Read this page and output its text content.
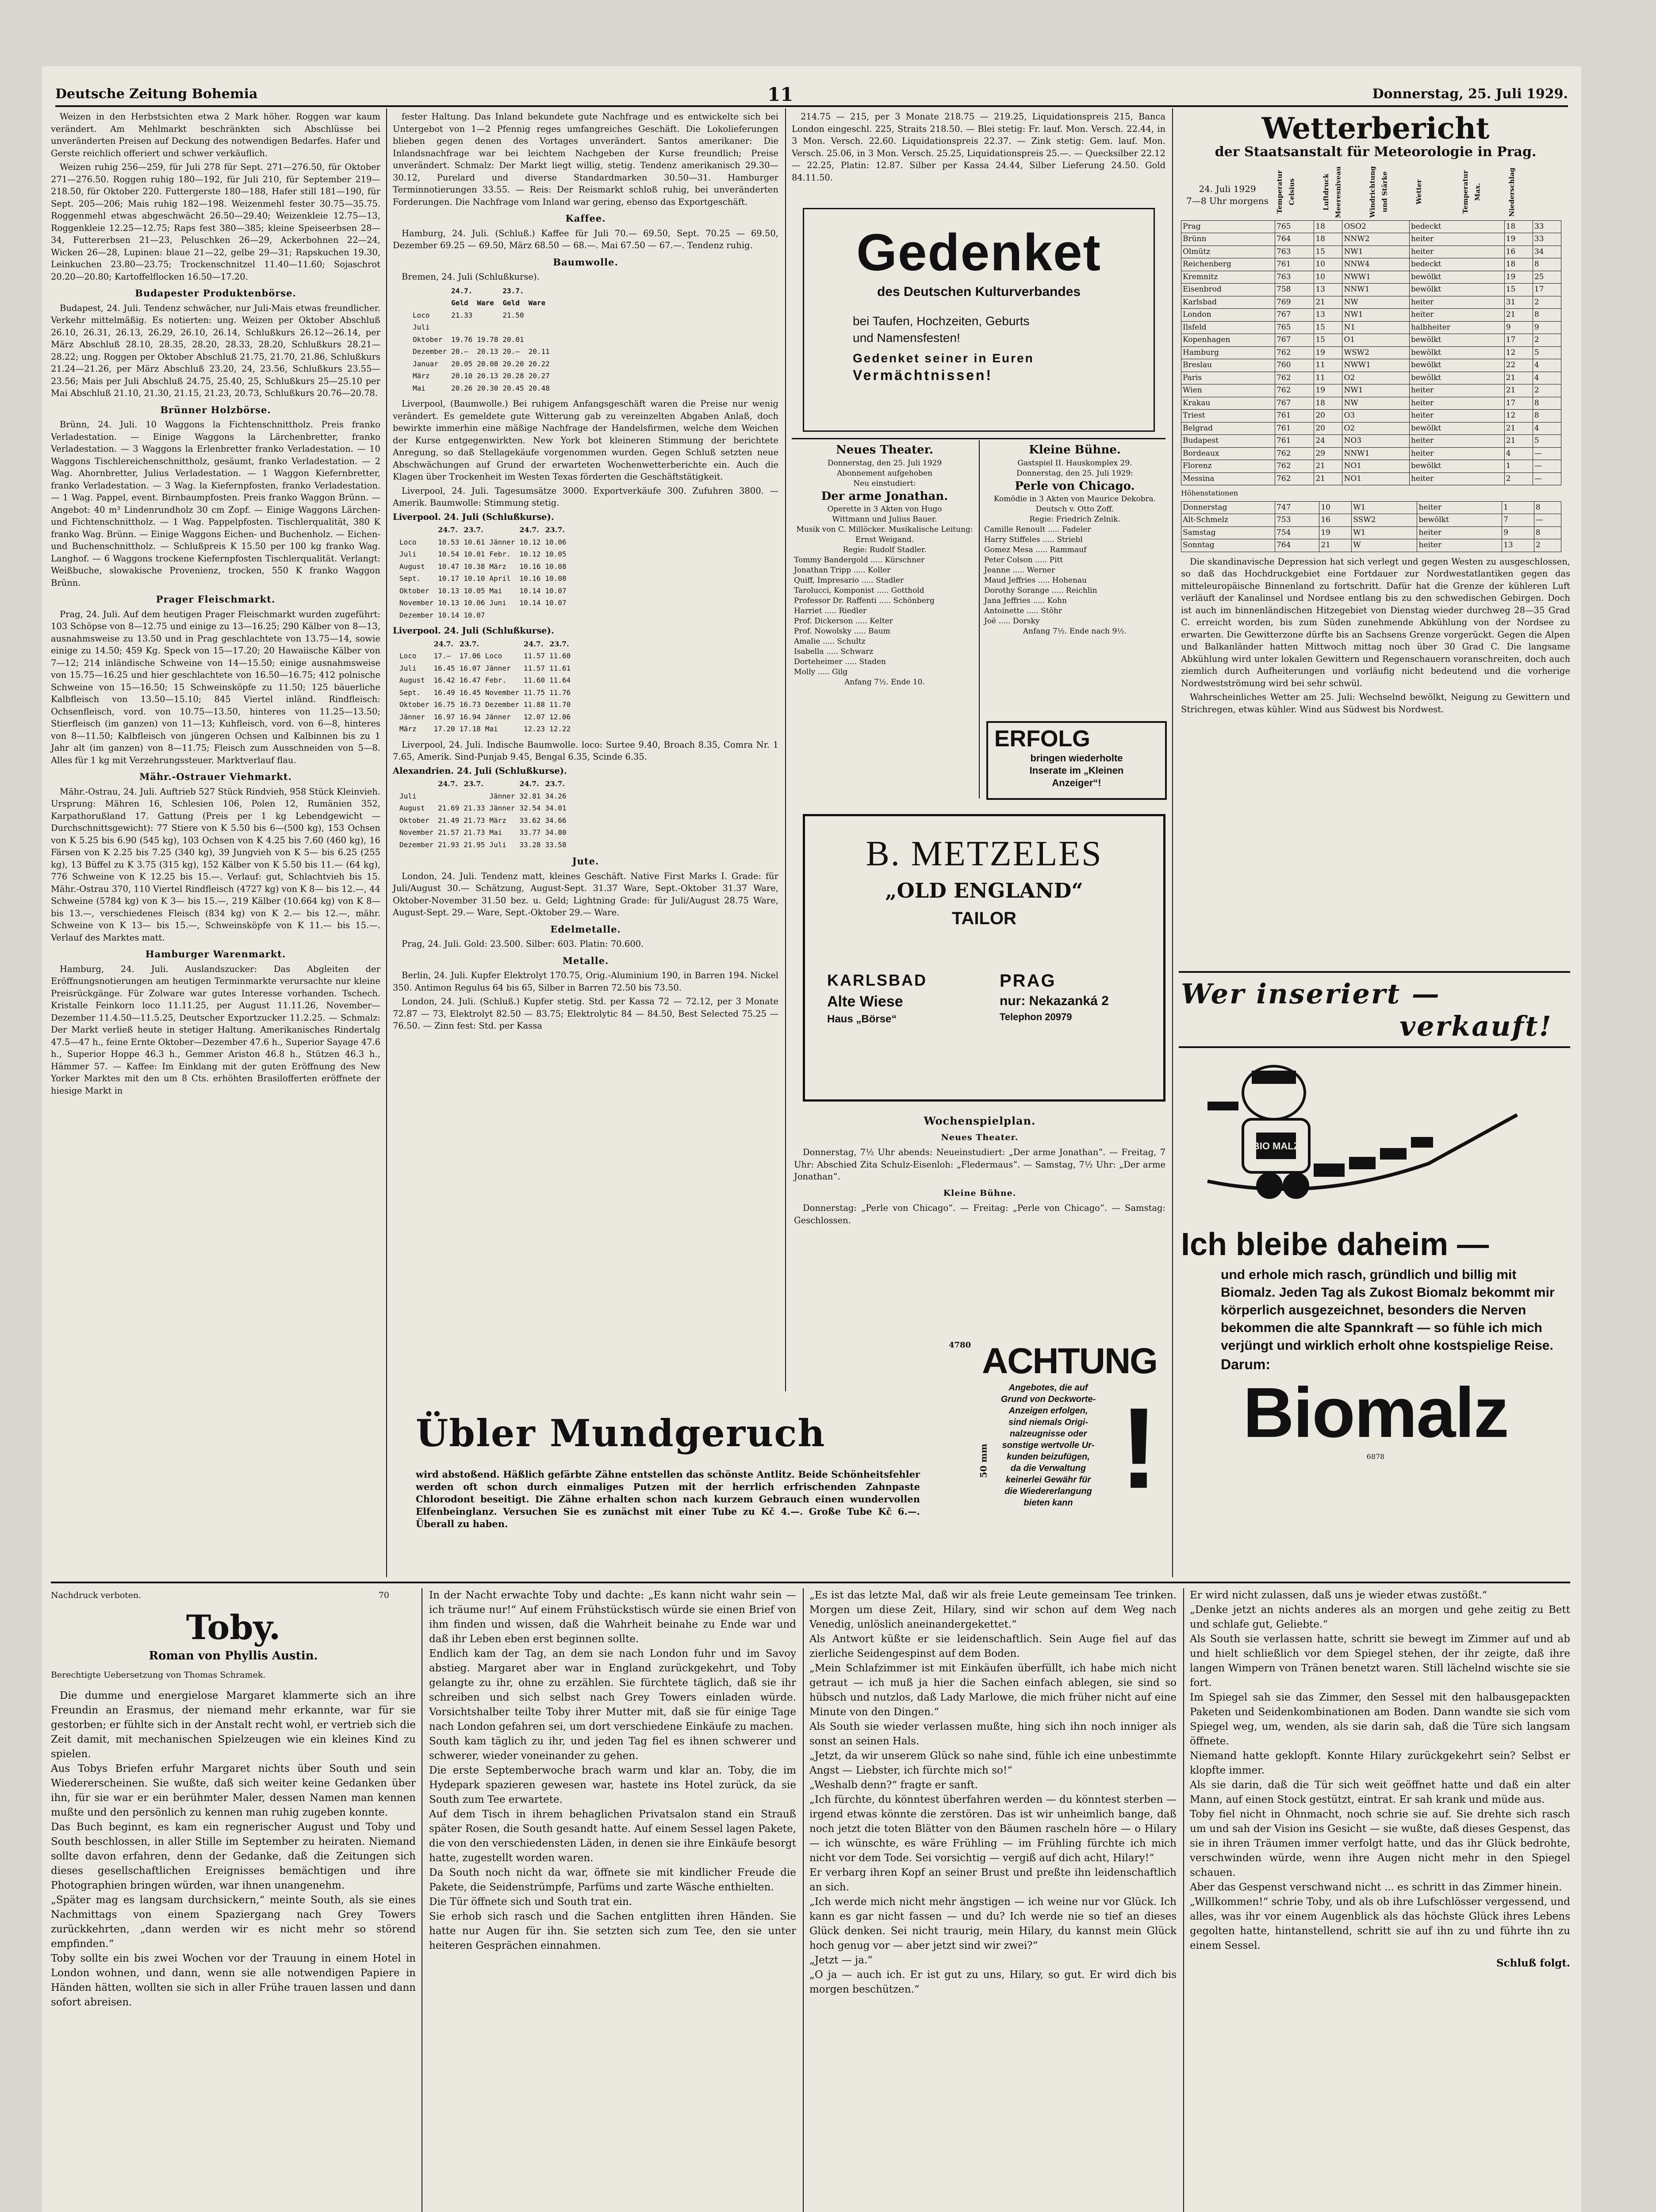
Deutsche Zeitung Bohemia	11	Donnerstag, 25. Juli 1929.

Weizen in den Herbstsichten etwa 2 Mark höher. Roggen war kaum verändert. Am Mehlmarkt beschränkten sich Abschlüsse bei unveränderten Preisen auf Deckung des notwendigen Bedarfes. Hafer und Gerste reichlich offeriert und schwer verkäuflich.

Weizen ruhig 256—259, für Juli 278 für Sept. 271—276.50, für Oktober 271—276.50. Roggen ruhig 180—192, für Juli 210, für September 219—218.50, für Oktober 220. Futtergerste 180—188, Hafer still 181—190, für Sept. 205—206; Mais ruhig 182—198. Weizenmehl fester 30.75—35.75. Roggenmehl etwas abgeschwächt 26.50—29.40; Weizenkleie 12.75—13, Roggenkleie 12.25—12.75; Raps fest 380—385; kleine Speiseerbsen 28—34, Futtererbsen 21—23, Peluschken 26—29, Ackerbohnen 22—24, Wicken 26—28, Lupinen: blaue 21—22, gelbe 29—31; Rapskuchen 19.30, Leinkuchen 23.80—23.75; Trockenschnitzel 11.40—11.60; Sojaschrot 20.20—20.80; Kartoffelflocken 16.50—17.20.

Budapester Produktenbörse.

Budapest, 24. Juli. Tendenz schwächer, nur Juli-Mais etwas freundlicher. Verkehr mittelmäßig. Es notierten: ung. Weizen per Oktober Abschluß 26.10, 26.31, 26.13, 26.29, 26.10, 26.14, Schlußkurs 26.12—26.14, per März Abschluß 28.10, 28.35, 28.20, 28.33, 28.20, Schlußkurs 28.21—28.22; ung. Roggen per Oktober Abschluß 21.75, 21.70, 21.86, Schlußkurs 21.24—21.26, per März Abschluß 23.20, 24, 23.56, Schlußkurs 23.55—23.56; Mais per Juli Abschluß 24.75, 25.40, 25, Schlußkurs 25—25.10 per Mai Abschluß 21.10, 21.30, 21.15, 21.23, 20.73, Schlußkurs 20.76—20.78.

Brünner Holzbörse.

Brünn, 24. Juli. 10 Waggons la Fichtenschnittholz. Preis franko Verladestation. — Einige Waggons la Lärchenbretter, franko Verladestation. — 3 Waggons la Erlenbretter franko Verladestation. — 10 Waggons Tischlereichenschnittholz, gesäumt, franko Verladestation. — 2 Wag. Ahornbretter, Julius Verladestation. — 1 Waggon Kiefernbretter, franko Verladestation. — 3 Wag. la Kiefernpfosten, franko Verladestation. — 1 Wag. Pappel, event. Birnbaumpfosten. Preis franko Waggon Brünn. — Angebot: 40 m³ Lindenrundholz 30 cm Zopf. — Einige Waggons Lärchen- und Fichtenschnittholz. — 1 Wag. Pappelpfosten. Tischlerqualität, 380 K franko Wag. Brünn. — Einige Waggons Eichen- und Buchenholz. — Eichen- und Buchenschnittholz. — Schlußpreis K 15.50 per 100 kg franko Wag. Langhof. — 6 Waggons trockene Kiefernpfosten Tischlerqualität. Verlangt: Weißbuche, slowakische Provenienz, trocken, 550 K franko Waggon Brünn.

Prager Fleischmarkt.

Prag, 24. Juli. Auf dem heutigen Prager Fleischmarkt wurden zugeführt: 103 Schöpse von 8—12.75 und einige zu 13—16.25; 290 Kälber von 8—13, ausnahmsweise zu 13.50 und in Prag geschlachtete von 13.75—14, sowie einige zu 14.50; 459 Kg. Speck von 15—17.20; 20 Hawaiische Kälber von 7—12; 214 inländische Schweine von 14—15.50; einige ausnahmsweise von 15.75—16.25 und hier geschlachtete von 16.50—16.75; 412 polnische Schweine von 15—16.50; 15 Schweinsköpfe zu 11.50; 125 bäuerliche Kalbfleisch von 13.50—15.10; 845 Viertel inländ. Rindfleisch: Ochsenfleisch, vord. von 10.75—13.50, hinteres von 11.25—13.50; Stierfleisch (im ganzen) von 11—13; Kuhfleisch, vord. von 6—8, hinteres von 8—11.50; Kalbfleisch von jüngeren Ochsen und Kalbinnen bis zu 1 Jahr alt (im ganzen) von 8—11.75; Fleisch zum Ausschneiden von 5—8. Alles für 1 kg mit Verzehrungssteuer. Marktverlauf flau.

Mähr.-Ostrauer Viehmarkt.

Mähr.-Ostrau, 24. Juli. Auftrieb 527 Stück Rindvieh, 958 Stück Kleinvieh. Ursprung: Mähren 16, Schlesien 106, Polen 12, Rumänien 352, Karpathorußland 17. Gattung (Preis per 1 kg Lebendgewicht — Durchschnittsgewicht): 77 Stiere von K 5.50 bis 6—(500 kg), 153 Ochsen von K 5.25 bis 6.90 (545 kg), 103 Ochsen von K 4.25 bis 7.60 (460 kg), 16 Färsen von K 2.25 bis 7.25 (340 kg), 39 Jungvieh von K 5— bis 6.25 (255 kg), 13 Büffel zu K 3.75 (315 kg), 152 Kälber von K 5.50 bis 11.— (64 kg), 776 Schweine von K 12.25 bis 15.—. Verlauf: gut, Schlachtvieh bis 15. Mähr.-Ostrau 370, 110 Viertel Rindfleisch (4727 kg) von K 8— bis 12.—, 44 Schweine (5784 kg) von K 3— bis 15.—, 219 Kälber (10.664 kg) von K 8— bis 13.—, verschiedenes Fleisch (834 kg) von K 2.— bis 12.—, mähr. Schweine von K 13— bis 15.—, Schweinsköpfe von K 11.— bis 15.—. Verlauf des Marktes matt.

Hamburger Warenmarkt.

Hamburg, 24. Juli. Auslandszucker: Das Abgleiten der Eröffnungsnotierungen am heutigen Terminmarkte verursachte nur kleine Preisrückgänge. Für Zolware war gutes Interesse vorhanden. Tschech. Kristalle Feinkorn loco 11.11.25, per August 11.11.26, November—Dezember 11.4.50—11.5.25, Deutscher Exportzucker 11.2.25. — Schmalz: Der Markt verließ heute in stetiger Haltung. Amerikanisches Rindertalg 47.5—47 h., feine Ernte Oktober—Dezember 47.6 h., Superior Sayage 47.6 h., Superior Hoppe 46.3 h., Gemmer Ariston 46.8 h., Stützen 46.3 h., Hämmer 57. — Kaffee: Im Einklang mit der guten Eröffnung des New Yorker Marktes mit den um 8 Cts. erhöhten Brasilofferten eröffnete der hiesige Markt in

fester Haltung. Das Inland bekundete gute Nachfrage und es entwickelte sich bei Untergebot von 1—2 Pfennig reges umfangreiches Geschäft. Die Lokolieferungen blieben gegen denen des Vortages unverändert. Santos amerikaner: Die Inlandsnachfrage war bei leichtem Nachgeben der Kurse freundlich; Preise unverändert. Schmalz: Der Markt liegt willig, stetig. Tendenz amerikanisch 29.30—30.12, Purelard und diverse Standardmarken 30.50—31. Hamburger Terminnotierungen 33.55. — Reis: Der Reismarkt schloß ruhig, bei unveränderten Forderungen. Die Nachfrage vom Inland war gering, ebenso das Exportgeschäft.

Kaffee.

Hamburg, 24. Juli. (Schluß.) Kaffee für Juli 70.— 69.50, Sept. 70.25 — 69.50, Dezember 69.25 — 69.50, März 68.50 — 68.—. Mai 67.50 — 67.—. Tendenz ruhig.

Baumwolle.

Bremen, 24. Juli (Schlußkurse).

	24.7.		23.7.	
	Geld	Ware	Geld	Ware
Loco	21.33		21.50	
Juli				
Oktober	19.76	19.78	20.01	
Dezember	20.—	20.13	20.—	20.11
Januar	20.05	20.08	20.20	20.22
März	20.10	20.13	20.28	20.27
Mai	20.26	20.30	20.45	20.48

Liverpool, (Baumwolle.) Bei ruhigem Anfangsgeschäft waren die Preise nur wenig verändert. Es gemeldete gute Witterung gab zu vereinzelten Abgaben Anlaß, doch bewirkte immerhin eine mäßige Nachfrage der Handelsfirmen, welche dem Weichen der Kurse entgegenwirkten. New York bot kleineren Stimmung der berichtete Anregung, so daß Stellagekäufe vorgenommen wurden. Gegen Schluß setzten neue Abschwächungen auf Grund der erwarteten Wochenwetterberichte ein. Auch die Klagen über Trockenheit im Westen Texas förderten die Geschäftstätigkeit.

Liverpool, 24. Juli. Tagesumsätze 3000. Exportverkäufe 300. Zufuhren 3800. — Amerik. Baumwolle: Stimmung stetig.

Liverpool. 24. Juli (Schlußkurse).
	24.7.	23.7.		24.7.	23.7.
Loco	10.53	10.61	Jänner	10.12	10.06
Juli	10.54	10.01	Febr.	10.12	10.05
August	10.47	10.38	März	10.16	10.08
Sept.	10.17	10.10	April	10.16	10.08
Oktober	10.13	10.05	Mai	10.14	10.07
November	10.13	10.06	Juni	10.14	10.07
Dezember	10.14	10.07			
Liverpool. 24. Juli (Schlußkurse).
	24.7.	23.7.		24.7.	23.7.
Loco	17.—	17.06	Loco	11.57	11.60
Juli	16.45	16.07	Jänner	11.57	11.61
August	16.42	16.47	Febr.	11.60	11.64
Sept.	16.49	16.45	November	11.75	11.76
Oktober	16.75	16.73	Dezember	11.88	11.70
Jänner	16.97	16.94	Jänner	12.07	12.06
März	17.20	17.18	Mai	12.23	12.22

Liverpool, 24. Juli. Indische Baumwolle. loco: Surtee 9.40, Broach 8.35, Comra Nr. 1 7.65, Amerik. Sind-Punjab 9.45, Bengal 6.35, Scinde 6.35.

Alexandrien. 24. Juli (Schlußkurse).
	24.7.	23.7.		24.7.	23.7.
Juli			Jänner	32.81	34.26
August	21.69	21.33	Jänner	32.54	34.01
Oktober	21.49	21.73	März	33.62	34.66
November	21.57	21.73	Mai	33.77	34.80
Dezember	21.93	21.95	Juli	33.28	33.58
Jute.

London, 24. Juli. Tendenz matt, kleines Geschäft. Native First Marks I. Grade: für Juli/August 30.— Schätzung, August-Sept. 31.37 Ware, Sept.-Oktober 31.37 Ware, Oktober-November 31.50 bez. u. Geld; Lightning Grade: für Juli/August 28.75 Ware, August-Sept. 29.— Ware, Sept.-Oktober 29.— Ware.

Edelmetalle.

Prag, 24. Juli. Gold: 23.500. Silber: 603. Platin: 70.600.

Metalle.

Berlin, 24. Juli. Kupfer Elektrolyt 170.75, Orig.-Aluminium 190, in Barren 194. Nickel 350. Antimon Regulus 64 bis 65, Silber in Barren 72.50 bis 73.50.

London, 24. Juli. (Schluß.) Kupfer stetig. Std. per Kassa 72 — 72.12, per 3 Monate 72.87 — 73, Elektrolyt 82.50 — 83.75; Elektrolytic 84 — 84.50, Best Selected 75.25 — 76.50. — Zinn fest: Std. per Kassa

214.75 — 215, per 3 Monate 218.75 — 219.25, Liquidationspreis 215, Banca London eingeschl. 225, Straits 218.50. — Blei stetig: Fr. lauf. Mon. Versch. 22.44, in 3 Mon. Versch. 22.60. Liquidationspreis 22.37. — Zink stetig: Gem. lauf. Mon. Versch. 25.06, in 3 Mon. Versch. 25.25, Liquidationspreis 25.—. — Quecksilber 22.12 — 22.25, Platin: 12.87. Silber per Kassa 24.44, Silber Lieferung 24.50. Gold 84.11.50.

Gedenket
des Deutschen Kulturverbandes
bei Taufen, Hochzeiten, Geburts
und Namensfesten!
Gedenket seiner in Euren
Vermächtnissen!
Neues Theater.
Donnerstag, den 25. Juli 1929
Abonnement aufgehoben
Neu einstudiert:
Der arme Jonathan.
Operette in 3 Akten von Hugo
Wittmann und Julius Bauer.
Musik von C. Millöcker. Musikalische Leitung: Ernst Weigand.
Regie: Rudolf Stadler.
Tommy Bandergold ..... Kürschner
Jonathan Tripp ..... Koller
Quiff, Impresario ..... Stadler
Tarolucci, Komponist ..... Gotthold
Professor Dr. Raffenti ..... Schönberg
Harriet ..... Riedler
Prof. Dickerson ..... Kelter
Prof. Nowolsky ..... Baum
Amalie ..... Schultz
Isabella ..... Schwarz
Dorteheimer ..... Staden
Molly ..... Gilg
Anfang 7½. Ende 10.
Kleine Bühne.
Gastspiel II. Hauskomplex 29.
Donnerstag, den 25. Juli 1929:
Perle von Chicago.
Komödie in 3 Akten von Maurice Dekobra. Deutsch v. Otto Zoff.
Regie: Friedrich Zelnik.
Camille Renoult ..... Fadeler
Harry Stiffeles ..... Striebl
Gomez Mesa ..... Rammauf
Peter Colson ..... Pitt
Jeanne ..... Werner
Maud Jeffries ..... Hohenau
Dorothy Sorange ..... Reichlin
Jana Jeffries ..... Kohn
Antoinette ..... Stöhr
Joë ..... Dorsky
Anfang 7½. Ende nach 9½.
ERFOLG
bringen wiederholte
Inserate im „Kleinen
Anzeiger“!
B. METZELES
„OLD ENGLAND“
TAILOR
KARLSBAD
Alte Wiese
Haus „Börse“
PRAG
nur: Nekazanká 2
Telephon 20979
Wochenspielplan.
Neues Theater.

Donnerstag, 7½ Uhr abends: Neueinstudiert: „Der arme Jonathan“. — Freitag, 7 Uhr: Abschied Zita Schulz-Eisenloh: „Fledermaus“. — Samstag, 7½ Uhr: „Der arme Jonathan“.

Kleine Bühne.

Donnerstag: „Perle von Chicago“. — Freitag: „Perle von Chicago“. — Samstag: Geschlossen.

4780 ACHTUNG
Angebotes, die auf
Grund von Deckworte-
Anzeigen erfolgen,
sind niemals Origi-
nalzeugnisse oder
sonstige wertvolle Ur-
kunden beizufügen,
da die Verwaltung
keinerlei Gewähr für
die Wiedererlangung
bieten kann !
50 mm
Übler Mundgeruch
wird abstoßend. Häßlich gefärbte Zähne entstellen das schönste Antlitz. Beide Schönheitsfehler werden oft schon durch einmaliges Putzen mit der herrlich erfrischenden Zahnpaste Chlorodont beseitigt. Die Zähne erhalten schon nach kurzem Gebrauch einen wundervollen Elfenbeinglanz. Versuchen Sie es zunächst mit einer Tube zu Kč 4.—. Große Tube Kč 6.—. Überall zu haben.
Wetterbericht
der Staatsanstalt für Meteorologie in Prag.
24. Juli 1929
7—8 Uhr morgens	Temperatur Celsius	Luftdruck Meeresniveau	Windrichtung und Stärke	Wetter	Temperatur Max.	Niederschlag
Prag	765	18	OSO2	bedeckt	18	33
Brünn	764	18	NNW2	heiter	19	33
Olmütz	763	15	NW1	heiter	16	34
Reichenberg	761	10	NNW4	bedeckt	18	8
Kremnitz	763	10	NWW1	bewölkt	19	25
Eisenbrod	758	13	NNW1	bewölkt	15	17
Karlsbad	769	21	NW	heiter	31	2
London	767	13	NW1	heiter	21	8
Ilsfeld	765	15	N1	halbheiter	9	9
Kopenhagen	767	15	O1	bewölkt	17	2
Hamburg	762	19	WSW2	bewölkt	12	5
Breslau	760	11	NWW1	bewölkt	22	4
Paris	762	11	O2	bewölkt	21	4
Wien	762	19	NW1	heiter	21	2
Krakau	767	18	NW	heiter	17	8
Triest	761	20	O3	heiter	12	8
Belgrad	761	20	O2	bewölkt	21	4
Budapest	761	24	NO3	heiter	21	5
Bordeaux	762	29	NNW1	heiter	4	—
Florenz	762	21	NO1	bewölkt	1	—
Messina	762	21	NO1	heiter	2	—
Höhenstationen
Donnerstag	747	10	W1	heiter	1	8
Alt-Schmelz	753	16	SSW2	bewölkt	7	—
Samstag	754	19	W1	heiter	9	8
Sonntag	764	21	W	heiter	13	2

Die skandinavische Depression hat sich verlegt und gegen Westen zu ausgeschlossen, so daß das Hochdruckgebiet eine Fortdauer zur Nordwestatlantiken gegen das mitteleuropäische Binnenland zu fortschritt. Dafür hat die Grenze der kühleren Luft verläuft der Kanalinsel und Nordsee entlang bis zu den schwedischen Gebirgen. Doch ist auch im binnenländischen Hitzegebiet von Dienstag wieder durchweg 28—35 Grad C. erreicht worden, bis zum Süden zunehmende Abkühlung von der Nordsee zu erwarten. Die Gewitterzone dürfte bis an Sachsens Grenze vorgerückt. Gegen die Alpen und Balkanländer hatten Mittwoch mittag noch über 30 Grad C. Die langsame Abkühlung wird unter lokalen Gewittern und Regenschauern voranschreiten, doch auch ziemlich durch Aufheiterungen und vorläufig nicht bedeutend und die vorherige Nordwestströmung wird bei sehr schwül.

Wahrscheinliches Wetter am 25. Juli: Wechselnd bewölkt, Neigung zu Gewittern und Strichregen, etwas kühler. Wind aus Südwest bis Nordwest.

Wer inseriert —
verkauft!
BIO MALZ
Ich bleibe daheim —
und erhole mich rasch, gründlich und billig mit Biomalz. Jeden Tag als Zukost Biomalz bekommt mir körperlich ausgezeichnet, besonders die Nerven bekommen die alte Spannkraft — so fühle ich mich verjüngt und wirklich erholt ohne kostspielige Reise.
Darum:
Biomalz
6878
Nachdruck verboten.	70
Toby.
Roman von Phyllis Austin.
Berechtigte Uebersetzung von Thomas Schramek.
Die dumme und energielose Margaret klammerte sich an ihre Freundin an Erasmus, der niemand mehr erkannte, war für sie gestorben; er fühlte sich in der Anstalt recht wohl, er vertrieb sich die Zeit damit, mit mechanischen Spielzeugen wie ein kleines Kind zu spielen.
Aus Tobys Briefen erfuhr Margaret nichts über South und sein Wiedererscheinen. Sie wußte, daß sich weiter keine Gedanken über ihn, für sie war er ein berühmter Maler, dessen Namen man kennen mußte und den persönlich zu kennen man ruhig zugeben konnte.
Das Buch beginnt, es kam ein regnerischer August und Toby und South beschlossen, in aller Stille im September zu heiraten. Niemand sollte davon erfahren, denn der Gedanke, daß die Zeitungen sich dieses gesellschaftlichen Ereignisses bemächtigen und ihre Photographien bringen würden, war ihnen unangenehm.
„Später mag es langsam durchsickern,“ meinte South, als sie eines Nachmittags von einem Spaziergang nach Grey Towers zurückkehrten, „dann werden wir es nicht mehr so störend empfinden.“
Toby sollte ein bis zwei Wochen vor der Trauung in einem Hotel in London wohnen, und dann, wenn sie alle notwendigen Papiere in Händen hätten, wollten sie sich in aller Frühe trauen lassen und dann sofort abreisen.
In der Nacht erwachte Toby und dachte: „Es kann nicht wahr sein — ich träume nur!“ Auf einem Frühstückstisch würde sie einen Brief von ihm finden und wissen, daß die Wahrheit beinahe zu Ende war und daß ihr Leben eben erst beginnen sollte.
Endlich kam der Tag, an dem sie nach London fuhr und im Savoy abstieg. Margaret aber war in England zurückgekehrt, und Toby gelangte zu ihr, ohne zu erzählen. Sie fürchtete täglich, daß sie ihr schreiben und sich selbst nach Grey Towers einladen würde. Vorsichtshalber teilte Toby ihrer Mutter mit, daß sie für einige Tage nach London gefahren sei, um dort verschiedene Einkäufe zu machen.
South kam täglich zu ihr, und jeden Tag fiel es ihnen schwerer und schwerer, wieder voneinander zu gehen.
Die erste Septemberwoche brach warm und klar an. Toby, die im Hydepark spazieren gewesen war, hastete ins Hotel zurück, da sie South zum Tee erwartete.
Auf dem Tisch in ihrem behaglichen Privatsalon stand ein Strauß später Rosen, die South gesandt hatte. Auf einem Sessel lagen Pakete, die von den verschiedensten Läden, in denen sie ihre Einkäufe besorgt hatte, zugestellt worden waren.
Da South noch nicht da war, öffnete sie mit kindlicher Freude die Pakete, die Seidenstrümpfe, Parfüms und zarte Wäsche enthielten.
Die Tür öffnete sich und South trat ein.
Sie erhob sich rasch und die Sachen entglitten ihren Händen. Sie hatte nur Augen für ihn. Sie setzten sich zum Tee, den sie unter heiteren Gesprächen einnahmen.
„Es ist das letzte Mal, daß wir als freie Leute gemeinsam Tee trinken. Morgen um diese Zeit, Hilary, sind wir schon auf dem Weg nach Venedig, unlöslich aneinandergekettet.“
Als Antwort küßte er sie leidenschaftlich. Sein Auge fiel auf das zierliche Seidengespinst auf dem Boden.
„Mein Schlafzimmer ist mit Einkäufen überfüllt, ich habe mich nicht getraut — ich muß ja hier die Sachen einfach ablegen, sie sind so hübsch und nutzlos, daß Lady Marlowe, die mich früher nicht auf eine Minute von den Dingen.“
Als South sie wieder verlassen mußte, hing sich ihn noch inniger als sonst an seinen Hals.
„Jetzt, da wir unserem Glück so nahe sind, fühle ich eine unbestimmte Angst — Liebster, ich fürchte mich so!“
„Weshalb denn?“ fragte er sanft.
„Ich fürchte, du könntest überfahren werden — du könntest sterben — irgend etwas könnte die zerstören. Das ist wir unheimlich bange, daß noch jetzt die toten Blätter von den Bäumen rascheln höre — o Hilary — ich wünschte, es wäre Frühling — im Frühling fürchte ich mich nicht vor dem Tode. Sei vorsichtig — vergiß auf dich acht, Hilary!“
Er verbarg ihren Kopf an seiner Brust und preßte ihn leidenschaftlich an sich.
„Ich werde mich nicht mehr ängstigen — ich weine nur vor Glück. Ich kann es gar nicht fassen — und du? Ich werde nie so tief an dieses Glück denken. Sei nicht traurig, mein Hilary, du kannst mein Glück hoch genug vor — aber jetzt sind wir zwei?“
„Jetzt — ja.“
„O ja — auch ich. Er ist gut zu uns, Hilary, so gut. Er wird dich bis morgen beschützen.“
Er wird nicht zulassen, daß uns je wieder etwas zustößt.“
„Denke jetzt an nichts anderes als an morgen und gehe zeitig zu Bett und schlafe gut, Geliebte.“
Als South sie verlassen hatte, schritt sie bewegt im Zimmer auf und ab und hielt schließlich vor dem Spiegel stehen, der ihr zeigte, daß ihre langen Wimpern von Tränen benetzt waren. Still lächelnd wischte sie sie fort.
Im Spiegel sah sie das Zimmer, den Sessel mit den halbausgepackten Paketen und Seidenkombinationen am Boden. Dann wandte sie sich vom Spiegel weg, um, wenden, als sie darin sah, daß die Türe sich langsam öffnete.
Niemand hatte geklopft. Konnte Hilary zurückgekehrt sein? Selbst er klopfte immer.
Als sie darin, daß die Tür sich weit geöffnet hatte und daß ein alter Mann, auf einen Stock gestützt, eintrat. Er sah krank und müde aus.
Toby fiel nicht in Ohnmacht, noch schrie sie auf. Sie drehte sich rasch um und sah der Vision ins Gesicht — sie wußte, daß dieses Gespenst, das sie in ihren Träumen immer verfolgt hatte, und das ihr Glück bedrohte, verschwinden würde, wenn ihre Augen nicht mehr in den Spiegel schauen.
Aber das Gespenst verschwand nicht ... es schritt in das Zimmer hinein.
„Willkommen!“ schrie Toby, und als ob ihre Lufschlösser vergessend, und alles, was ihr vor einem Augenblick als das höchste Glück ihres Lebens gegolten hatte, hintanstellend, schritt sie auf ihn zu und führte ihn zu einem Sessel.
Schluß folgt.
